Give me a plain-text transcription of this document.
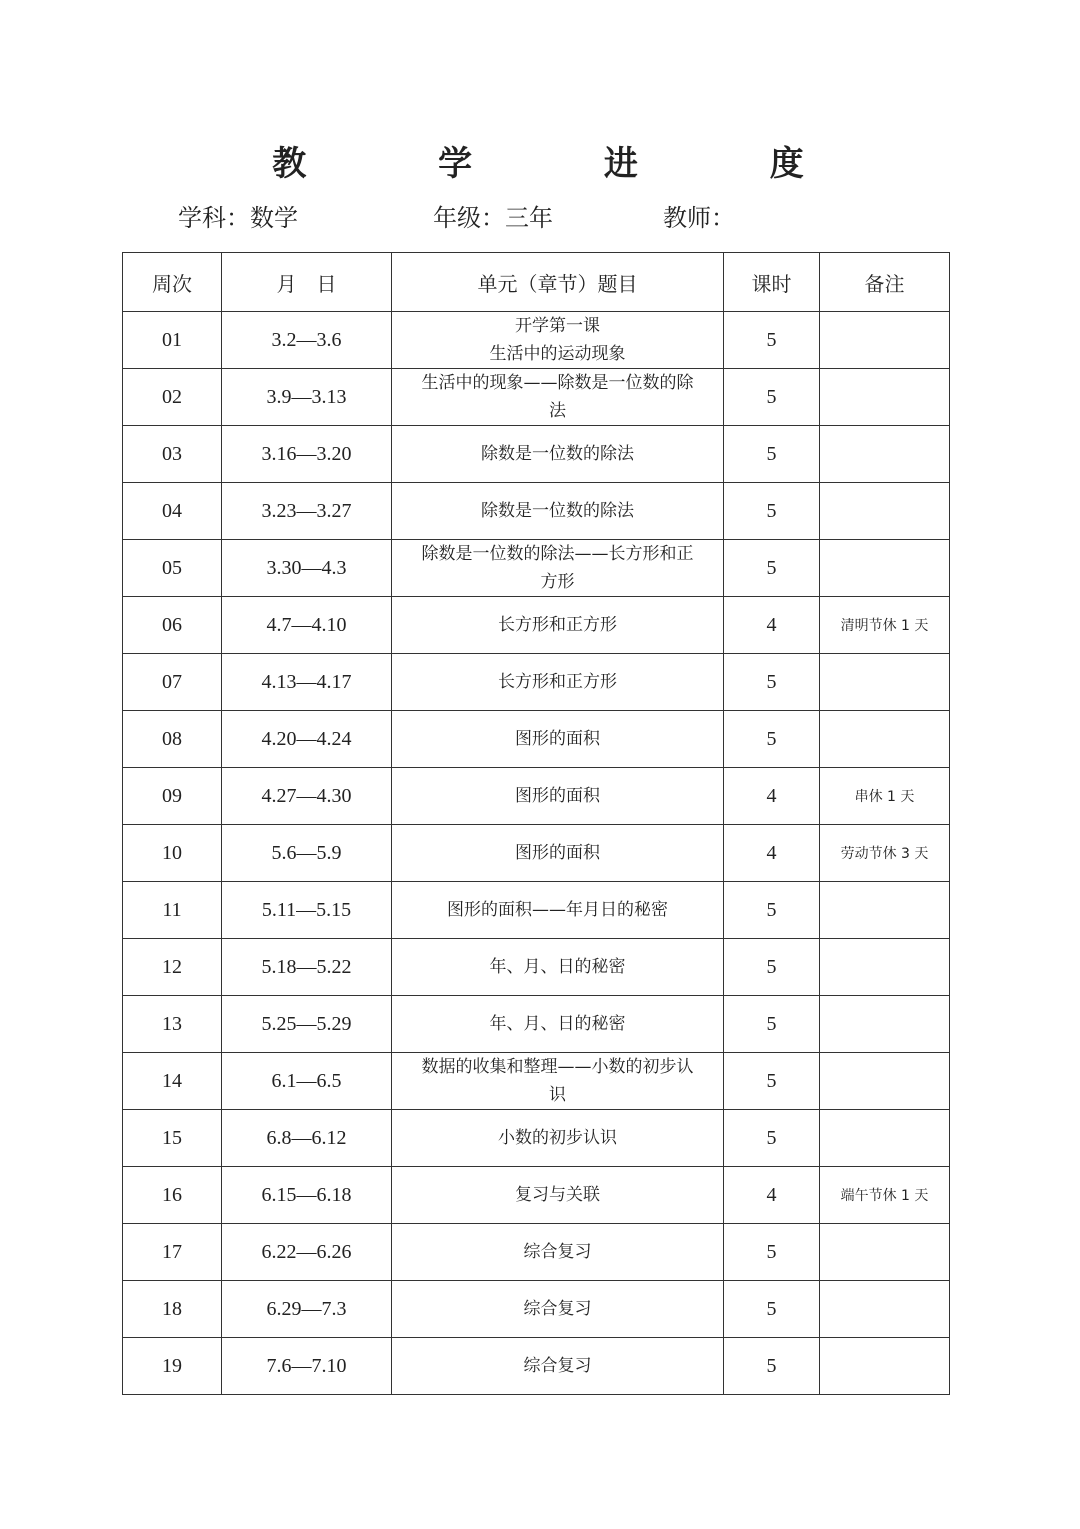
教 学 进 度
学科：数学	年级：三年	教师：
周次	月　日	单元（章节）题目	课时	备注
01	3.2—3.6	开学第一课
生活中的运动现象	5	
02	3.9—3.13	生活中的现象——除数是一位数的除
法	5	
03	3.16—3.20	除数是一位数的除法	5	
04	3.23—3.27	除数是一位数的除法	5	
05	3.30—4.3	除数是一位数的除法——长方形和正
方形	5	
06	4.7—4.10	长方形和正方形	4	清明节休 1 天
07	4.13—4.17	长方形和正方形	5	
08	4.20—4.24	图形的面积	5	
09	4.27—4.30	图形的面积	4	串休 1 天
10	5.6—5.9	图形的面积	4	劳动节休 3 天
11	5.11—5.15	图形的面积——年月日的秘密	5	
12	5.18—5.22	年、月、日的秘密	5	
13	5.25—5.29	年、月、日的秘密	5	
14	6.1—6.5	数据的收集和整理——小数的初步认
识	5	
15	6.8—6.12	小数的初步认识	5	
16	6.15—6.18	复习与关联	4	端午节休 1 天
17	6.22—6.26	综合复习	5	
18	6.29—7.3	综合复习	5	
19	7.6—7.10	综合复习	5	
